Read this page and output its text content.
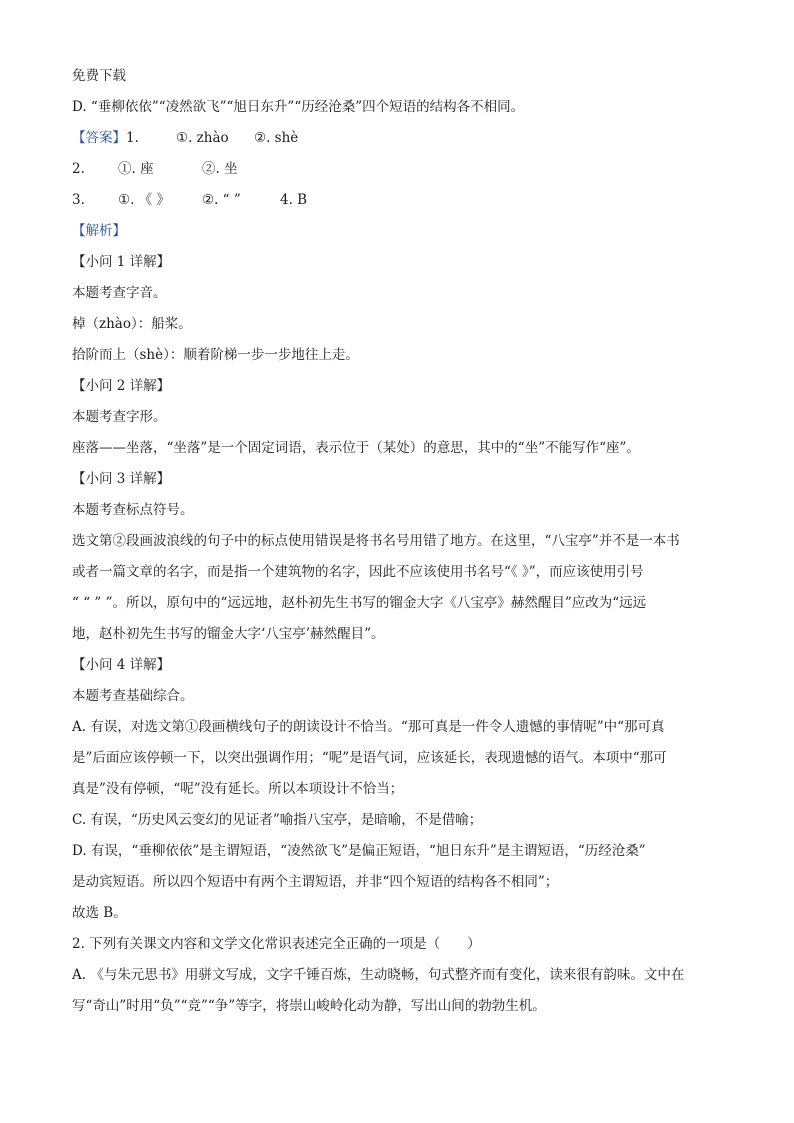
免费下载
D. “垂柳依依”“凌然欲飞”“旭日东升”“历经沧桑”四个短语的结构各不相同。
【答案】1.	①. zhào ②. shè
2. ①. 座	②. 坐
3. ①. 《 》 ②. “ ”	4. B
【解析】
【小问 1 详解】
本题考查字音。
棹（zhào）：船桨。
拾阶而上（shè）：顺着阶梯一步一步地往上走。
【小问 2 详解】
本题考查字形。
座落——坐落，“坐落”是一个固定词语，表示位于（某处）的意思，其中的“坐”不能写作“座”。
【小问 3 详解】
本题考查标点符号。
选文第②段画波浪线的句子中的标点使用错误是将书名号用错了地方。在这里，“八宝亭”并不是一本书
或者一篇文章的名字，而是指一个建筑物的名字，因此不应该使用书名号“《 》”，而应该使用引号
“ “ ” ”。所以，原句中的“远远地，赵朴初先生书写的镏金大字《八宝亭》赫然醒目”应改为“远远
地，赵朴初先生书写的镏金大字‘八宝亭’赫然醒目”。
【小问 4 详解】
本题考查基础综合。
A. 有误，对选文第①段画横线句子的朗读设计不恰当。“那可真是一件令人遗憾的事情呢”中“那可真
是”后面应该停顿一下，以突出强调作用；“呢”是语气词，应该延长，表现遗憾的语气。本项中“那可
真是”没有停顿，“呢”没有延长。所以本项设计不恰当；
C. 有误，“历史风云变幻的见证者”喻指八宝亭，是暗喻，不是借喻；
D. 有误，“垂柳依依”是主谓短语，“凌然欲飞”是偏正短语，“旭日东升”是主谓短语，“历经沧桑”
是动宾短语。所以四个短语中有两个主谓短语，并非“四个短语的结构各不相同”；
故选 B。
2. 下列有关课文内容和文学文化常识表述完全正确的一项是（　　）
A. 《与朱元思书》用骈文写成，文字千锤百炼，生动晓畅，句式整齐而有变化，读来很有韵味。文中在
写“奇山”时用“负”“竞”“争”等字，将崇山峻岭化动为静，写出山间的勃勃生机。
